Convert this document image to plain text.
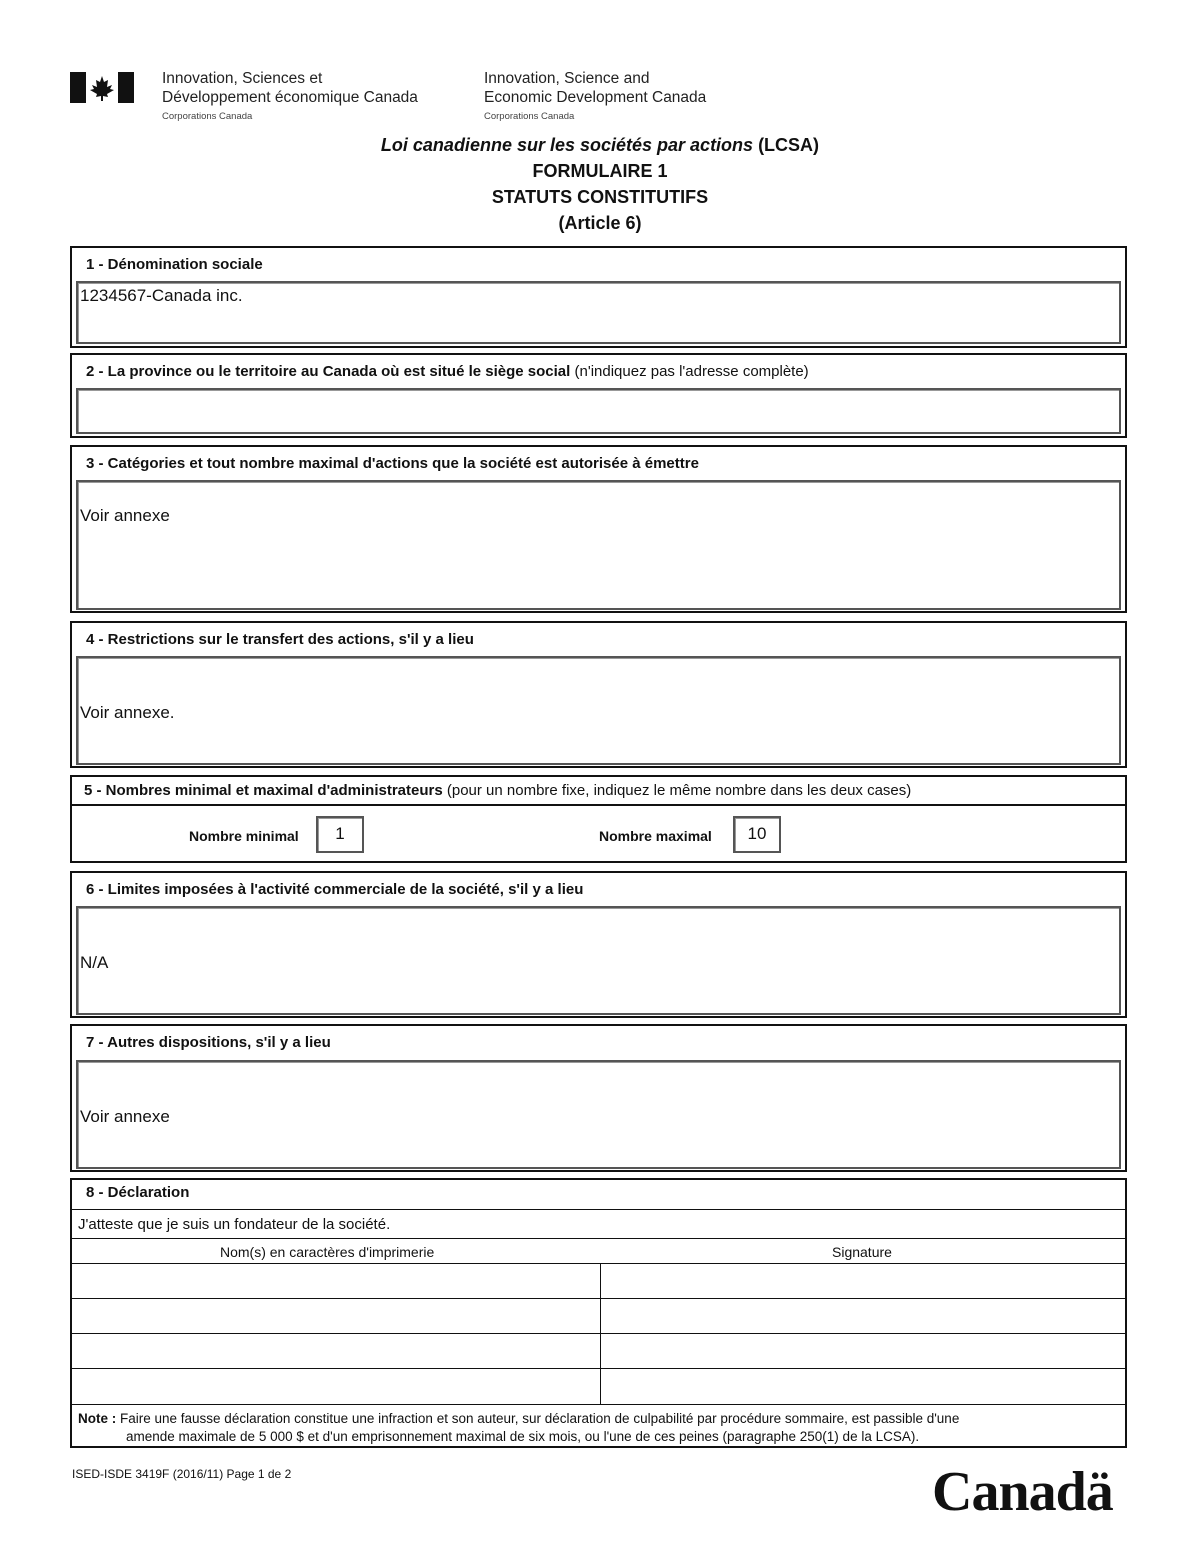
Innovation, Sciences et
Développement économique Canada
Corporations Canada
Innovation, Science and
Economic Development Canada
Corporations Canada
Loi canadienne sur les sociétés par actions (LCSA)
FORMULAIRE 1
STATUTS CONSTITUTIFS
(Article 6)
1 - Dénomination sociale
1234567-Canada inc.
2 - La province ou le territoire au Canada où est situé le siège social (n'indiquez pas l'adresse complète)
3 - Catégories et tout nombre maximal d'actions que la société est autorisée à émettre
Voir annexe
4 - Restrictions sur le transfert des actions, s'il y a lieu
Voir annexe.
5 - Nombres minimal et maximal d'administrateurs (pour un nombre fixe, indiquez le même nombre dans les deux cases)
Nombre minimal	1	Nombre maximal	10
6 - Limites imposées à l'activité commerciale de la société, s'il y a lieu
N/A
7 - Autres dispositions, s'il y a lieu
Voir annexe
8 - Déclaration
J'atteste que je suis un fondateur de la société.
Nom(s) en caractères d'imprimerie	Signature
Note : Faire une fausse déclaration constitue une infraction et son auteur, sur déclaration de culpabilité par procédure sommaire, est passible d'une
amende maximale de 5 000 $ et d'un emprisonnement maximal de six mois, ou l'une de ces peines (paragraphe 250(1) de la LCSA).
ISED-ISDE 3419F (2016/11) Page 1 de 2	Canadä
